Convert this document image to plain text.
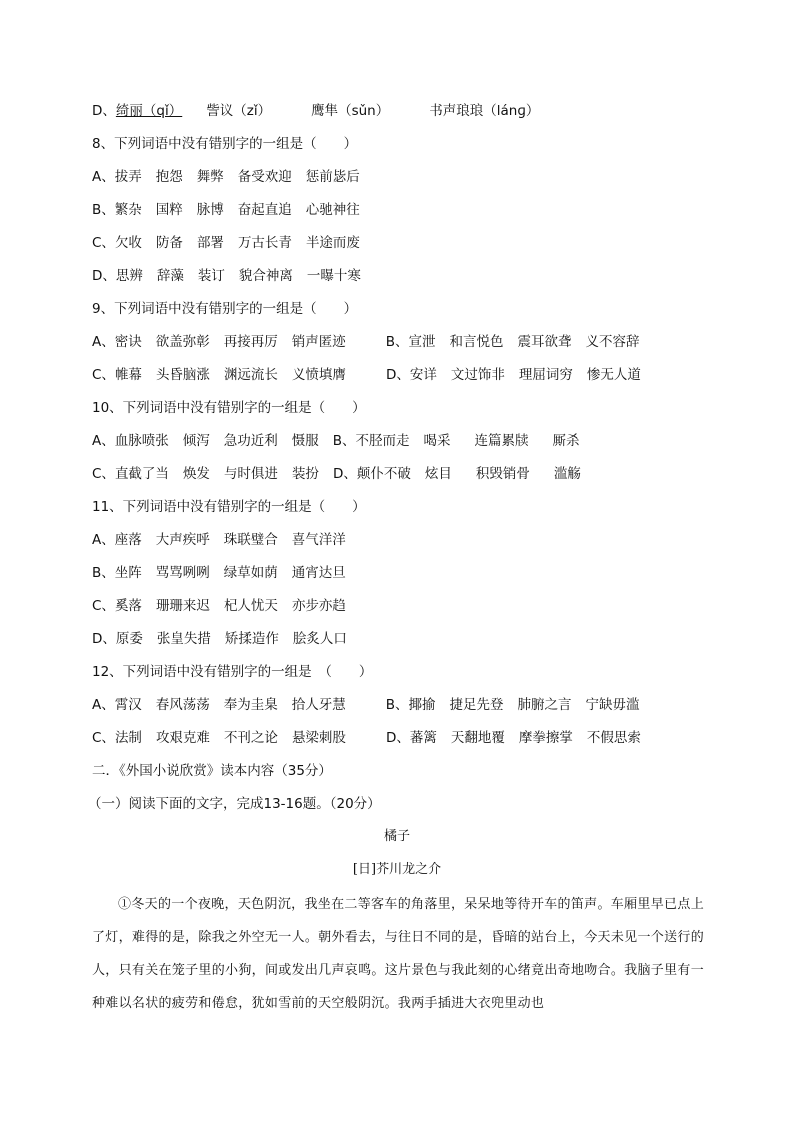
D、绮丽（qǐ） 訾议（zǐ）	鹰隼（sǔn）	书声琅琅（lánɡ）
8、下列词语中没有错别字的一组是（　　）
A、拔弄 抱怨 舞弊 备受欢迎 惩前毖后
B、繁杂 国粹 脉博 奋起直追 心驰神往
C、欠收 防备 部署 万古长青 半途而废
D、思辨 辞藻 装订 貌合神离 一曝十寒
9、下列词语中没有错别字的一组是（　　）
A、密诀 欲盖弥彰 再接再厉 销声匿迹	B、宣泄 和言悦色 震耳欲聋 义不容辞
C、帷幕 头昏脑涨 渊远流长 义愤填膺	D、安详 文过饰非 理屈词穷 惨无人道
10、下列词语中没有错别字的一组是（　　）
A、血脉喷张 倾泻 急功近利 慑服 B、不胫而走 喝采 连篇累牍 厮杀
C、直截了当 焕发 与时俱进 装扮 D、颠仆不破 炫目 积毁销骨 滥觞
11、下列词语中没有错别字的一组是（　　）
A、座落 大声疾呼 珠联璧合 喜气洋洋
B、坐阵 骂骂咧咧 绿草如荫 通宵达旦
C、奚落 珊珊来迟 杞人忧天 亦步亦趋
D、原委 张皇失措 矫揉造作 脍炙人口
12、下列词语中没有错别字的一组是　（　　）
A、霄汉 春风荡荡 奉为圭臬 拾人牙慧	B、揶揄 捷足先登 肺腑之言 宁缺毋滥
C、法制 攻艰克难 不刊之论 悬梁刺股	D、蕃篱 天翻地覆 摩拳擦掌 不假思索
二．《外国小说欣赏》读本内容（35分）
（一）阅读下面的文字，完成13-16题。（20分）
橘子
[日]芥川龙之介
①冬天的一个夜晚，天色阴沉，我坐在二等客车的角落里，呆呆地等待开车的笛声。车厢里早已点上了灯，难得的是，除我之外空无一人。朝外看去，与往日不同的是，昏暗的站台上，今天未见一个送行的人，只有关在笼子里的小狗，间或发出几声哀鸣。这片景色与我此刻的心绪竟出奇地吻合。我脑子里有一种难以名状的疲劳和倦怠，犹如雪前的天空般阴沉。我两手插进大衣兜里动也
